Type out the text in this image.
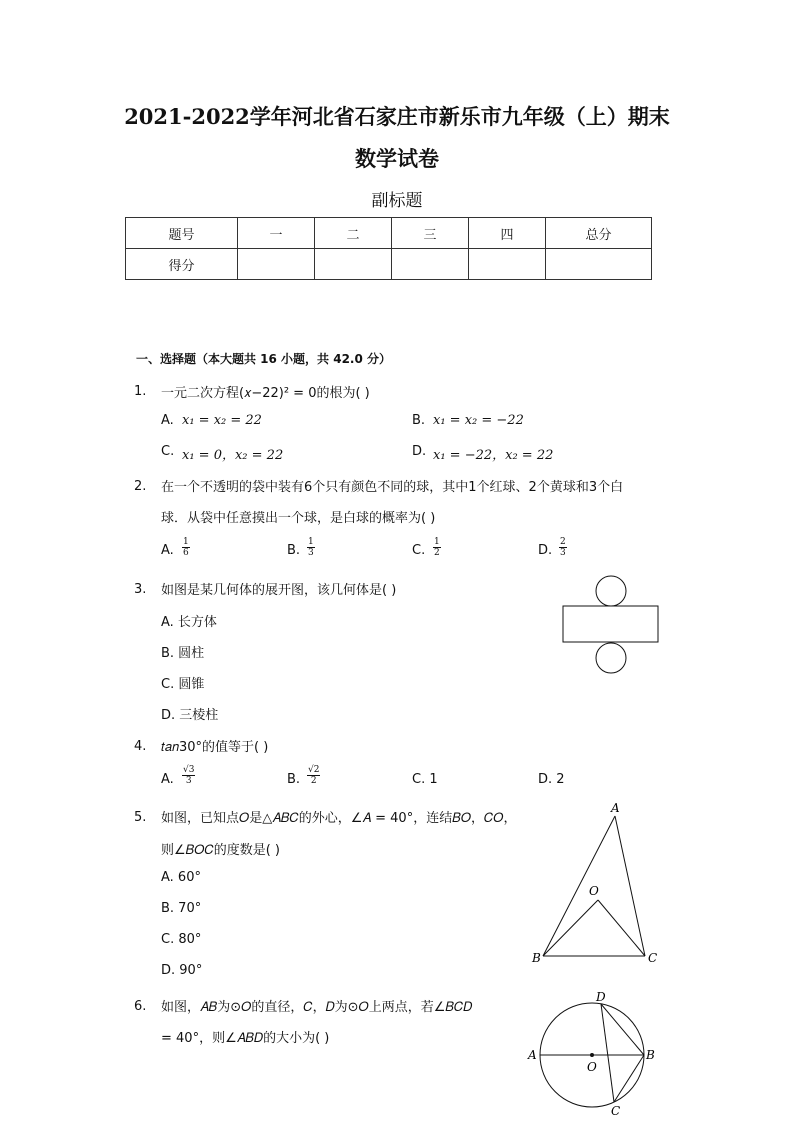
2021-2022学年河北省石家庄市新乐市九年级（上）期末
数学试卷
副标题
题号	一	二	三	四	总分
得分					
一、选择题（本大题共 16 小题，共 42.0 分）
1. 一元二次方程(𝑥−22)² = 0的根为( )
A. 𝑥₁ = 𝑥₂ = 22	B. 𝑥₁ = 𝑥₂ = −22
C. 𝑥₁ = 0，𝑥₂ = 22	D. 𝑥₁ = −22，𝑥₂ = 22
2. 在一个不透明的袋中装有6个只有颜色不同的球，其中1个红球、2个黄球和3个白
球．从袋中任意摸出一个球，是白球的概率为( )
A. $\frac{1}{6}$	B. $\frac{1}{3}$	C. $\frac{1}{2}$	D. $\frac{2}{3}$
3. 如图是某几何体的展开图，该几何体是( )
A. 长方体
B. 圆柱
C. 圆锥
D. 三棱柱
4. 𝑡𝑎𝑛30°的值等于( )
A. $\frac{√3}{3}$	B. $\frac{√2}{2}$	C. 1	D. 2
5. 如图，已知点𝑂是△𝐴𝐵𝐶的外心，∠𝐴 = 40°，连结𝐵𝑂，𝐶𝑂，
则∠𝐵𝑂𝐶的度数是( )
A. 60°
B. 70°
C. 80°
D. 90°
A
B	C
O
6. 如图，𝐴𝐵为⊙𝑂的直径，𝐶，𝐷为⊙𝑂上两点，若∠𝐵𝐶𝐷
= 40°，则∠𝐴𝐵𝐷的大小为( )
A	B
C
D
O
